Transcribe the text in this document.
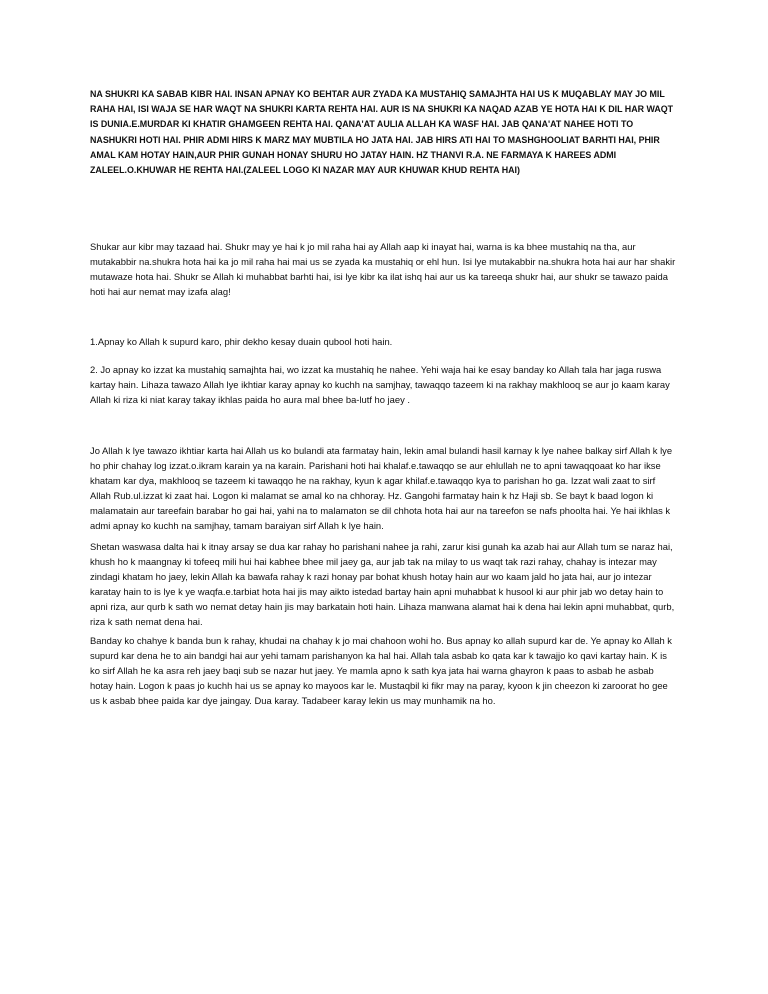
NA SHUKRI KA SABAB KIBR HAI. INSAN APNAY KO BEHTAR AUR ZYADA KA MUSTAHIQ SAMAJHTA HAI US K MUQABLAY MAY JO MIL RAHA HAI, ISI WAJA SE HAR WAQT NA SHUKRI KARTA REHTA HAI. AUR IS NA SHUKRI KA NAQAD AZAB YE HOTA HAI K DIL HAR WAQT IS DUNIA.E.MURDAR KI KHATIR GHAMGEEN REHTA HAI. QANA'AT AULIA ALLAH KA WASF HAI. JAB QANA'AT NAHEE HOTI TO NASHUKRI HOTI HAI. PHIR ADMI HIRS K MARZ MAY MUBTILA HO JATA HAI. JAB HIRS ATI HAI TO MASHGHOOLIAT BARHTI HAI, PHIR AMAL KAM HOTAY HAIN,AUR PHIR GUNAH HONAY SHURU HO JATAY HAIN. HZ THANVI R.A. NE FARMAYA K HAREES ADMI ZALEEL.O.KHUWAR HE REHTA HAI.(ZALEEL LOGO KI NAZAR MAY AUR KHUWAR KHUD REHTA HAI)

Shukar aur kibr may tazaad hai. Shukr may ye hai k jo mil raha hai ay Allah aap ki inayat hai, warna is ka bhee mustahiq na tha, aur mutakabbir na.shukra hota hai ka jo mil raha hai mai us se zyada ka mustahiq or ehl hun. Isi lye mutakabbir na.shukra hota hai aur har shakir mutawaze hota hai. Shukr se Allah ki muhabbat barhti hai, isi lye kibr ka ilat ishq hai aur us ka tareeqa shukr hai, aur shukr se tawazo paida hoti hai aur nemat may izafa alag!

1.Apnay ko Allah k supurd karo, phir dekho kesay duain qubool hoti hain.

2. Jo apnay ko izzat ka mustahiq samajhta hai, wo izzat ka mustahiq he nahee. Yehi waja hai ke esay banday ko Allah tala har jaga ruswa kartay hain. Lihaza tawazo Allah lye ikhtiar karay apnay ko kuchh na samjhay, tawaqqo tazeem ki na rakhay makhlooq se aur jo kaam karay Allah ki riza ki niat karay takay ikhlas paida ho aura mal bhee ba-lutf ho jaey .

Jo Allah k lye tawazo ikhtiar karta hai Allah us ko bulandi ata farmatay hain, lekin amal bulandi hasil karnay k lye nahee balkay sirf Allah k lye ho phir chahay log izzat.o.ikram karain ya na karain. Parishani hoti hai khalaf.e.tawaqqo se aur ehlullah ne to apni tawaqqoaat ko har ikse khatam kar dya, makhlooq se tazeem ki tawaqqo he na rakhay, kyun k agar khilaf.e.tawaqqo kya to parishan ho ga. Izzat wali zaat to sirf Allah Rub.ul.izzat ki zaat hai. Logon ki malamat se amal ko na chhoray. Hz. Gangohi farmatay hain k hz Haji sb. Se bayt k baad logon ki malamatain aur tareefain barabar ho gai hai, yahi na to malamaton se dil chhota hota hai aur na tareefon se nafs phoolta hai. Ye hai ikhlas k admi apnay ko kuchh na samjhay, tamam baraiyan sirf Allah k lye hain.

Shetan waswasa dalta hai k itnay arsay se dua kar rahay ho parishani nahee ja rahi, zarur kisi gunah ka azab hai aur Allah tum se naraz hai, khush ho k maangnay ki tofeeq mili hui hai kabhee bhee mil jaey ga, aur jab tak na milay to us waqt tak razi rahay, chahay is intezar may zindagi khatam ho jaey, lekin Allah ka bawafa rahay k razi honay par bohat khush hotay hain aur wo kaam jald ho jata hai, aur jo intezar karatay hain to is lye k ye waqfa.e.tarbiat hota hai jis may aikto istedad bartay hain apni muhabbat k husool ki aur phir jab wo detay hain to apni riza, aur qurb k sath wo nemat detay hain jis may barkatain hoti hain. Lihaza manwana alamat hai k dena hai lekin apni muhabbat, qurb, riza k sath nemat dena hai.

Banday ko chahye k banda bun k rahay, khudai na chahay k jo mai chahoon wohi ho. Bus apnay ko allah supurd kar de. Ye apnay ko Allah k supurd kar dena he to ain bandgi hai aur yehi tamam parishanyon ka hal hai. Allah tala asbab ko qata kar k tawajjo ko qavi kartay hain. K is ko sirf Allah he ka asra reh jaey baqi sub se nazar hut jaey. Ye mamla apno k sath kya jata hai warna ghayron k paas to asbab he asbab hotay hain. Logon k paas jo kuchh hai us se apnay ko mayoos kar le. Mustaqbil ki fikr may na paray, kyoon k jin cheezon ki zaroorat ho gee us k asbab bhee paida kar dye jaingay. Dua karay. Tadabeer karay lekin us may munhamik na ho.
